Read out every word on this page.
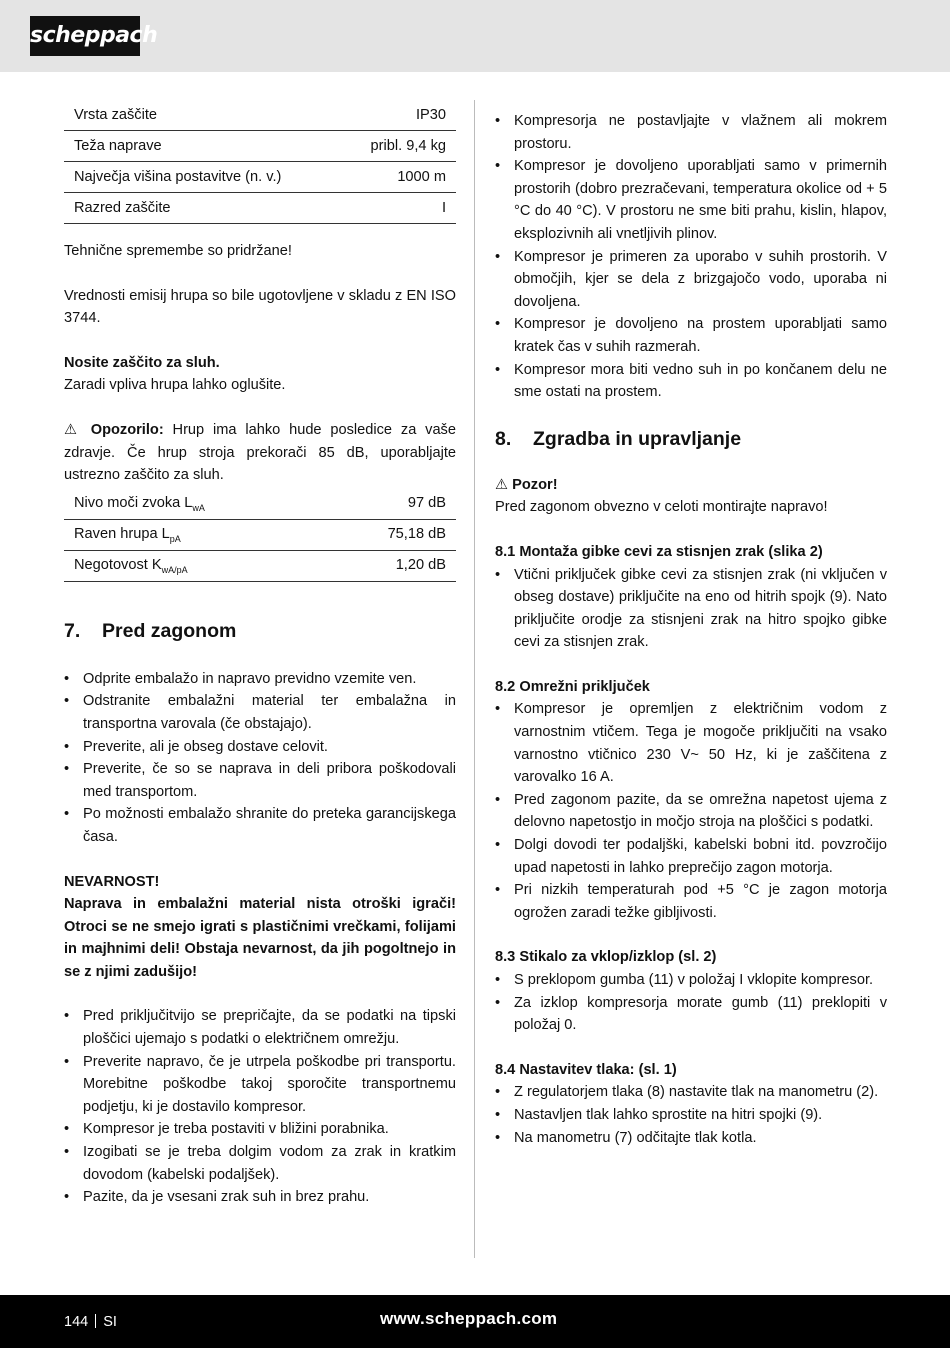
scheppach
Vrsta zaščite	IP30
Teža naprave	pribl. 9,4 kg
Največja višina postavitve (n. v.)	1000 m
Razred zaščite	I

Tehnične spremembe so pridržane!

Vrednosti emisij hrupa so bile ugotovljene v skladu z EN ISO 3744.

Nosite zaščito za sluh.

Zaradi vpliva hrupa lahko oglušite.

⚠ Opozorilo: Hrup ima lahko hude posledice za vaše zdravje. Če hrup stroja prekorači 85 dB, uporabljajte ustrezno zaščito za sluh.

Nivo moči zvoka $L_{wA}$	97 dB
Raven hrupa $L_{pA}$	75,18 dB
Negotovost $K_{wA/pA}$	1,20 dB
7. Pred zagonom
• Odprite embalažo in napravo previdno vzemite ven.
• Odstranite embalažni material ter embalažna in transportna varovala (če obstajajo).
• Preverite, ali je obseg dostave celovit.
• Preverite, če so se naprava in deli pribora poškodovali med transportom.
• Po možnosti embalažo shranite do preteka garancijskega časa.

NEVARNOST!

Naprava in embalažni material nista otroški igrači! Otroci se ne smejo igrati s plastičnimi vrečkami, folijami in majhnimi deli! Obstaja nevarnost, da jih pogoltnejo in se z njimi zadušijo!

• Pred priključitvijo se prepričajte, da se podatki na tipski ploščici ujemajo s podatki o električnem omrežju.
• Preverite napravo, če je utrpela poškodbe pri transportu. Morebitne poškodbe takoj sporočite transportnemu podjetju, ki je dostavilo kompresor.
• Kompresor je treba postaviti v bližini porabnika.
• Izogibati se je treba dolgim vodom za zrak in kratkim dovodom (kabelski podaljšek).
• Pazite, da je vsesani zrak suh in brez prahu.
• Kompresorja ne postavljajte v vlažnem ali mokrem prostoru.
• Kompresor je dovoljeno uporabljati samo v primernih prostorih (dobro prezračevani, temperatura okolice od + 5 °C do 40 °C). V prostoru ne sme biti prahu, kislin, hlapov, eksplozivnih ali vnetljivih plinov.
• Kompresor je primeren za uporabo v suhih prostorih. V območjih, kjer se dela z brizgajočo vodo, uporaba ni dovoljena.
• Kompresor je dovoljeno na prostem uporabljati samo kratek čas v suhih razmerah.
• Kompresor mora biti vedno suh in po končanem delu ne sme ostati na prostem.
8. Zgradba in upravljanje

⚠ Pozor!

Pred zagonom obvezno v celoti montirajte napravo!

8.1 Montaža gibke cevi za stisnjen zrak (slika 2)
• Vtični priključek gibke cevi za stisnjen zrak (ni vključen v obseg dostave) priključite na eno od hitrih spojk (9). Nato priključite orodje za stisnjeni zrak na hitro spojko gibke cevi za stisnjen zrak.
8.2 Omrežni priključek
• Kompresor je opremljen z električnim vodom z varnostnim vtičem. Tega je mogoče priključiti na vsako varnostno vtičnico 230 V~ 50 Hz, ki je zaščitena z varovalko 16 A.
• Pred zagonom pazite, da se omrežna napetost ujema z delovno napetostjo in močjo stroja na ploščici s podatki.
• Dolgi dovodi ter podaljški, kabelski bobni itd. povzročijo upad napetosti in lahko preprečijo zagon motorja.
• Pri nizkih temperaturah pod +5 °C je zagon motorja ogrožen zaradi težke gibljivosti.
8.3 Stikalo za vklop/izklop (sl. 2)
• S preklopom gumba (11) v položaj I vklopite kompresor.
• Za izklop kompresorja morate gumb (11) preklopiti v položaj 0.
8.4 Nastavitev tlaka: (sl. 1)
• Z regulatorjem tlaka (8) nastavite tlak na manometru (2).
• Nastavljen tlak lahko sprostite na hitri spojki (9).
• Na manometru (7) odčitajte tlak kotla.
144 SI	www.scheppach.com
